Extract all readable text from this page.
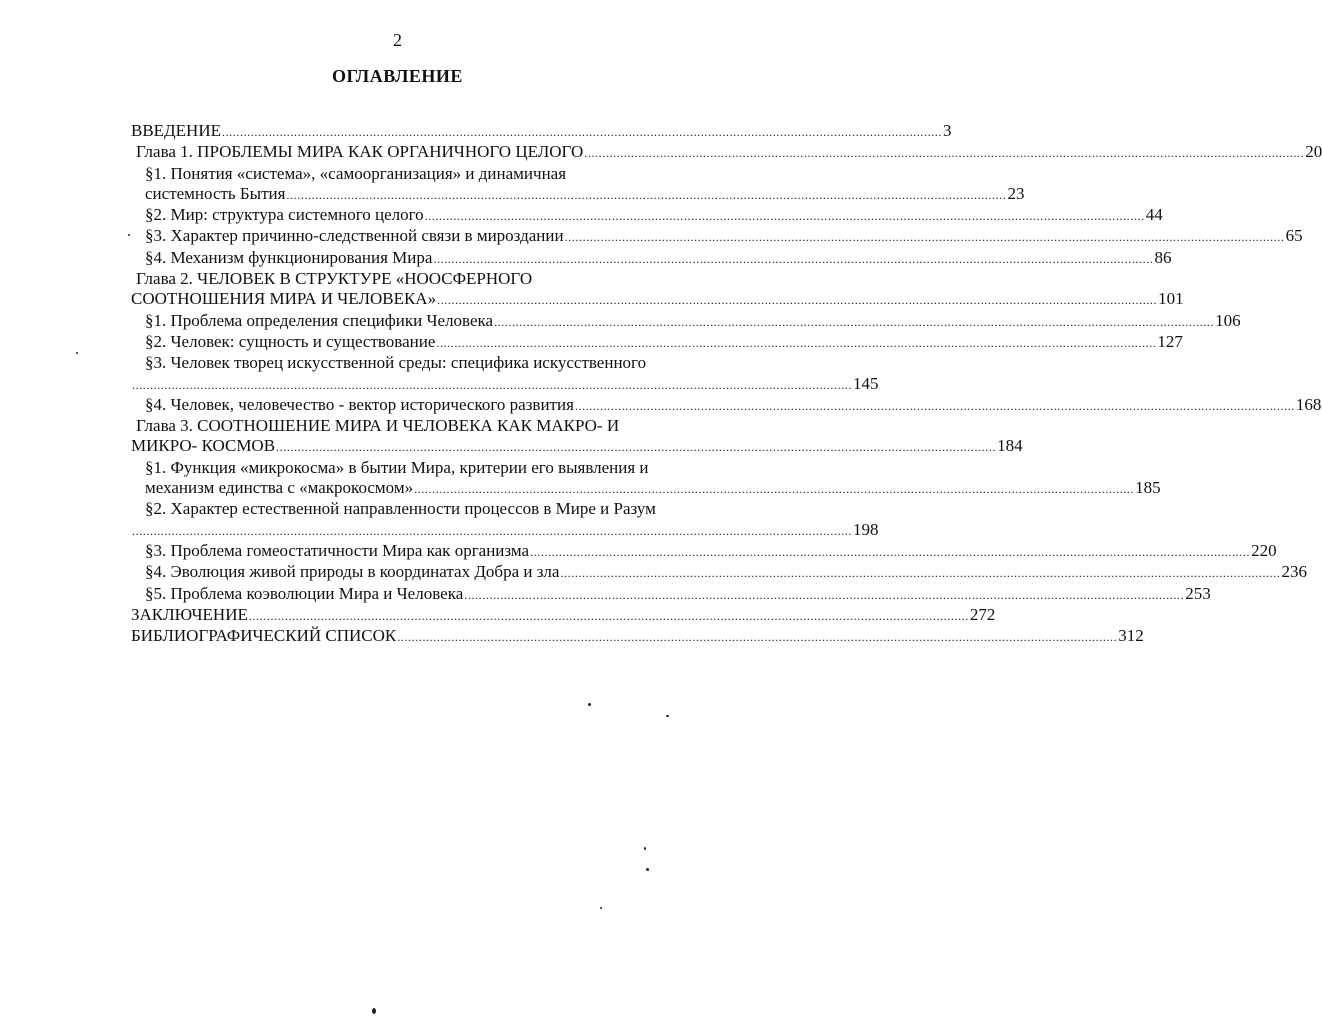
2
ОГЛАВЛЕНИЕ
ВВЕДЕНИЕ ........................................................................................................................................................................................................ 3
Глава 1. ПРОБЛЕМЫ МИРА КАК ОРГАНИЧНОГО ЦЕЛОГО ........................................................................................................................................................................................................ 20
§1. Понятия «система», «самоорганизация» и динамичная
системность Бытия ........................................................................................................................................................................................................ 23
§2. Мир: структура системного целого ........................................................................................................................................................................................................ 44
§3. Характер причинно-следственной связи в мироздании ........................................................................................................................................................................................................ 65
§4. Механизм функционирования Мира ........................................................................................................................................................................................................ 86
Глава 2. ЧЕЛОВЕК В СТРУКТУРЕ «НООСФЕРНОГО
СООТНОШЕНИЯ МИРА И ЧЕЛОВЕКА» ........................................................................................................................................................................................................ 101
§1. Проблема определения специфики Человека ........................................................................................................................................................................................................ 106
§2. Человек: сущность и существование ........................................................................................................................................................................................................ 127
§3. Человек творец искусственной среды: специфика искусственного
........................................................................................................................................................................................................ 145
§4. Человек, человечество - вектор исторического развития ........................................................................................................................................................................................................ 168
Глава 3. СООТНОШЕНИЕ МИРА И ЧЕЛОВЕКА КАК МАКРО- И
МИКРО- КОСМОВ ........................................................................................................................................................................................................ 184
§1. Функция «микрокосма» в бытии Мира, критерии его выявления и
механизм единства с «макрокосмом» ........................................................................................................................................................................................................ 185
§2. Характер естественной направленности процессов в Мире и Разум
........................................................................................................................................................................................................ 198
§3. Проблема гомеостатичности Мира как организма ........................................................................................................................................................................................................ 220
§4. Эволюция живой природы в координатах Добра и зла ........................................................................................................................................................................................................ 236
§5. Проблема коэволюции Мира и Человека ........................................................................................................................................................................................................ 253
ЗАКЛЮЧЕНИЕ ........................................................................................................................................................................................................ 272
БИБЛИОГРАФИЧЕСКИЙ СПИСОК ........................................................................................................................................................................................................ 312
